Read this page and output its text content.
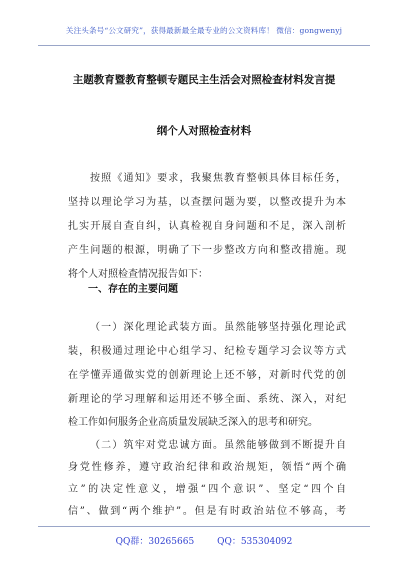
关注头条号“公文研究”，获得最新最全最专业的公文资料库！ 微信：gongwenyj
主题教育暨教育整顿专题民主生活会对照检查材料发言提
纲个人对照检查材料
按照《通知》要求，我聚焦教育整顿具体目标任务，
坚持以理论学习为基，以查摆问题为要，以整改提升为本
扎实开展自查自纠，认真检视自身问题和不足，深入剖析
产生问题的根源，明确了下一步整改方向和整改措施。现
将个人对照检查情况报告如下：
一、存在的主要问题
（一）深化理论武装方面。虽然能够坚持强化理论武
装，积极通过理论中心组学习、纪检专题学习会议等方式
在学懂弄通做实党的创新理论上还不够，对新时代党的创
新理论的学习理解和运用还不够全面、系统、深入，对纪
检工作如何服务企业高质量发展缺乏深入的思考和研究。
（二）筑牢对党忠诚方面。虽然能够做到不断提升自
身党性修养，遵守政治纪律和政治规矩，领悟“两个确
立”的决定性意义，增强“四个意识”、坚定“四个自
信”、做到“两个维护”。但是有时政治站位不够高，考
QQ群：30265665	QQ：535304092
